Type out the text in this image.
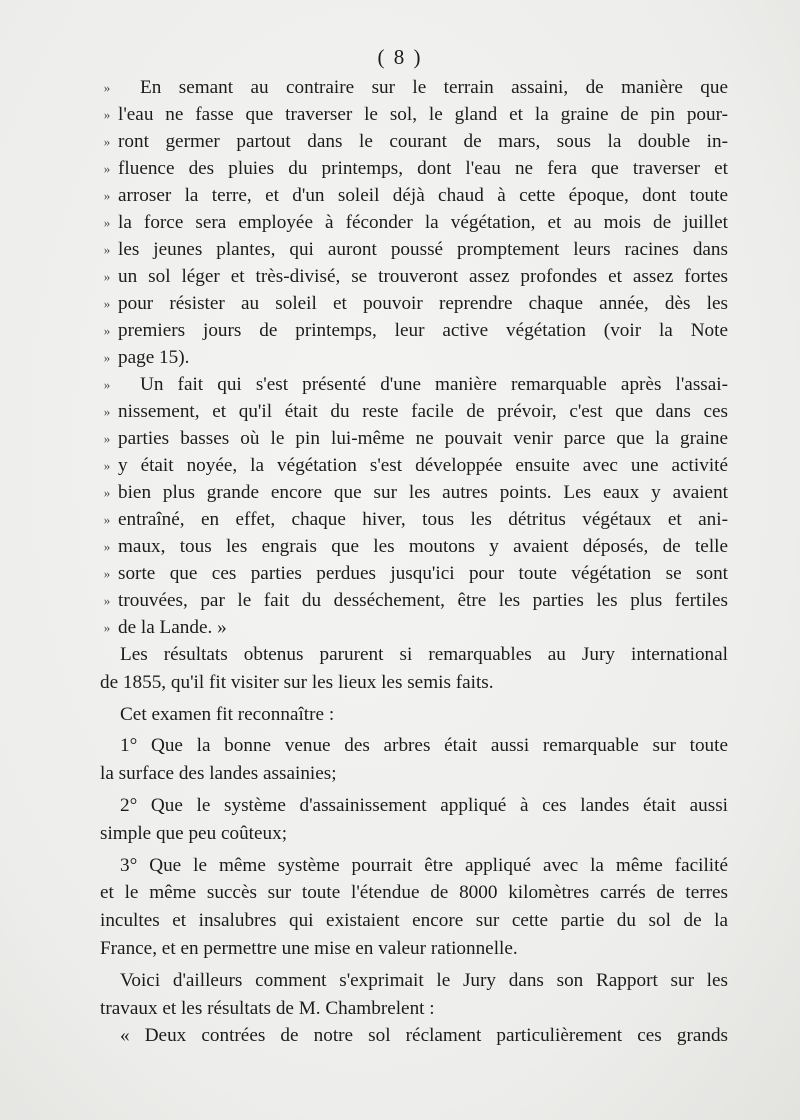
( 8 )
»	En semant au contraire sur le terrain assaini, de manière que
» l'eau ne fasse que traverser le sol, le gland et la graine de pin pour-
» ront germer partout dans le courant de mars, sous la double in-
» fluence des pluies du printemps, dont l'eau ne fera que traverser et
» arroser la terre, et d'un soleil déjà chaud à cette époque, dont toute
» la force sera employée à féconder la végétation, et au mois de juillet
» les jeunes plantes, qui auront poussé promptement leurs racines dans
» un sol léger et très-divisé, se trouveront assez profondes et assez fortes
» pour résister au soleil et pouvoir reprendre chaque année, dès les
» premiers jours de printemps, leur active végétation (voir la Note
» page 15).
»	Un fait qui s'est présenté d'une manière remarquable après l'assai-
» nissement, et qu'il était du reste facile de prévoir, c'est que dans ces
» parties basses où le pin lui-même ne pouvait venir parce que la graine
» y était noyée, la végétation s'est développée ensuite avec une activité
» bien plus grande encore que sur les autres points. Les eaux y avaient
» entraîné, en effet, chaque hiver, tous les détritus végétaux et ani-
» maux, tous les engrais que les moutons y avaient déposés, de telle
» sorte que ces parties perdues jusqu'ici pour toute végétation se sont
» trouvées, par le fait du desséchement, être les parties les plus fertiles
» de la Lande. »
Les résultats obtenus parurent si remarquables au Jury international
de 1855, qu'il fit visiter sur les lieux les semis faits.
Cet examen fit reconnaître :
1° Que la bonne venue des arbres était aussi remarquable sur toute
la surface des landes assainies;
2° Que le système d'assainissement appliqué à ces landes était aussi
simple que peu coûteux;
3° Que le même système pourrait être appliqué avec la même facilité
et le même succès sur toute l'étendue de 8000 kilomètres carrés de terres
incultes et insalubres qui existaient encore sur cette partie du sol de la
France, et en permettre une mise en valeur rationnelle.
Voici d'ailleurs comment s'exprimait le Jury dans son Rapport sur les
travaux et les résultats de M. Chambrelent :
« Deux contrées de notre sol réclament particulièrement ces grands
